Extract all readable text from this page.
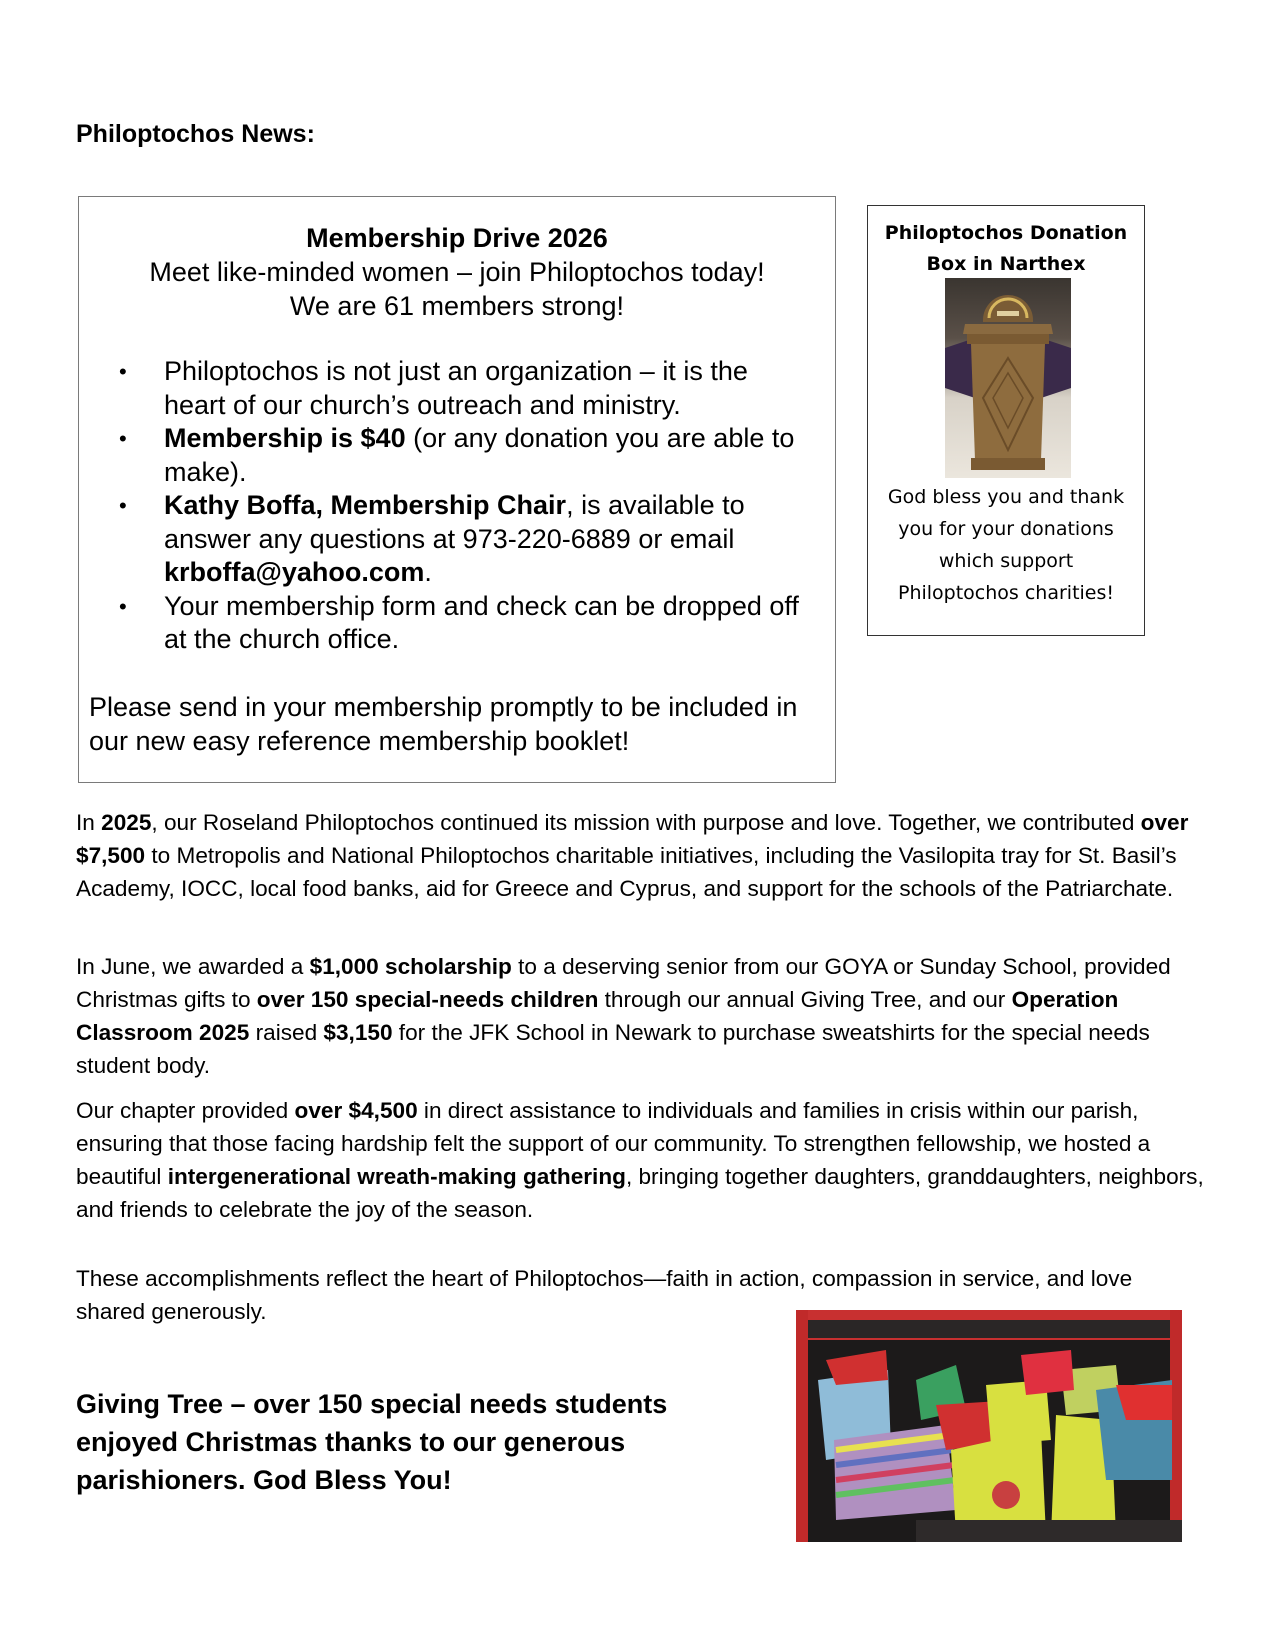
Philoptochos News:
Membership Drive 2026
Meet like-minded women – join Philoptochos today!
We are 61 members strong!
• Philoptochos is not just an organization – it is the heart of our church’s outreach and ministry.
• Membership is $40 (or any donation you are able to make).
• Kathy Boffa, Membership Chair, is available to answer any questions at 973-220-6889 or email krboffa@yahoo.com.
• Your membership form and check can be dropped off at the church office.
Please send in your membership promptly to be included in our new easy reference membership booklet!
Philoptochos Donation
Box in Narthex
God bless you and thank
you for your donations
which support
Philoptochos charities!
In 2025, our Roseland Philoptochos continued its mission with purpose and love. Together, we contributed over $7,500 to Metropolis and National Philoptochos charitable initiatives, including the Vasilopita tray for St. Basil’s Academy, IOCC, local food banks, aid for Greece and Cyprus, and support for the schools of the Patriarchate.
In June, we awarded a $1,000 scholarship to a deserving senior from our GOYA or Sunday School, provided Christmas gifts to over 150 special-needs children through our annual Giving Tree, and our Operation Classroom 2025 raised $3,150 for the JFK School in Newark to purchase sweatshirts for the special needs student body.
Our chapter provided over $4,500 in direct assistance to individuals and families in crisis within our parish, ensuring that those facing hardship felt the support of our community. To strengthen fellowship, we hosted a beautiful intergenerational wreath-making gathering, bringing together daughters, granddaughters, neighbors, and friends to celebrate the joy of the season.
These accomplishments reflect the heart of Philoptochos—faith in action, compassion in service, and love shared generously.
Giving Tree – over 150 special needs students
enjoyed Christmas thanks to our generous
parishioners. God Bless You!
